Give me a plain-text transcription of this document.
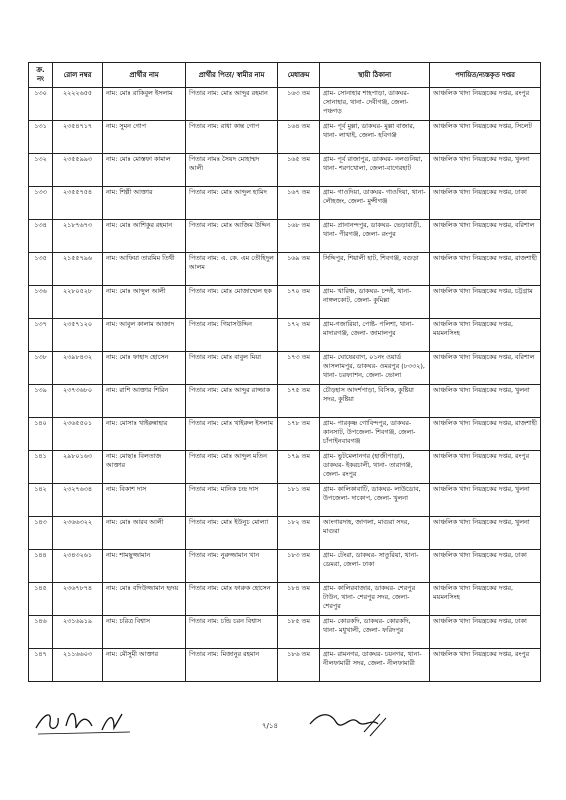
ক্র. নং	রোল নম্বর	প্রার্থীর নাম	প্রার্থীর পিতা/ স্বামীর নাম	মেধাক্রম	স্থায়ী ঠিকানা	পদায়িত/ন্যস্তকৃত দপ্তর
১৩০	২২২২৬৫৫	নাম: মোঃ রাকিবুল ইসলাম	পিতার নাম: মোঃ আব্দুর রহমান	১৬৩ তম	গ্রাম- সোনাহার শাহপাড়া, ডাকঘর- সোনাহার, থানা- দেবীগঞ্জ, জেলা- পঞ্চগড়	আঞ্চলিক খাদ্য নিয়ন্ত্রকের দপ্তর, রংপুর
১৩১	২৩৫৪৭১৭	নাম: সুমন গোপ	পিতার নাম: রাধা কান্ত গোপ	১৬৪ তম	গ্রাম- পূর্ব মুল্লা, ডাকঘর- মুল্লা বাজার, থানা- লাখাই, জেলা- হবিগঞ্জ	আঞ্চলিক খাদ্য নিয়ন্ত্রকের দপ্তর, সিলেট
১৩২	২৩৫৫৯৯৩	নাম: মোঃ মোস্তফা কামাল	পিতার নামঃ সৈয়দ মোহাম্মদ আলী	১৬৫ তম	গ্রাম- পূর্ব রাজাপুর, ডাকঘর- নলগুনিয়া, থানা- শরণখোলা, জেলা-বাগেরহাট	আঞ্চলিক খাদ্য নিয়ন্ত্রকের দপ্তর, খুলনা
১৩৩	২৩৫৫৭৫৪	নাম: শিল্পী আক্তার	পিতার নাম: মোঃ আব্দুল হামিদ	১৬৭ তম	গ্রাম- গাওদিয়া, ডাকঘর- গাওদিয়া, থানা- লৌহজং, জেলা- মুন্সীগঞ্জ	আঞ্চলিক খাদ্য নিয়ন্ত্রকের দপ্তর, ঢাকা
১৩৪	২১৮৭৬৭৩	নাম: মোঃ আশিকুর রহমান	পিতার নাম: মোঃ আজিম উদ্দিন	১৬৮ তম	গ্রাম- প্রানানন্দপুর, ডাকঘর- ভেড়াবাড়ী, থানা- পীরগঞ্জ, জেলা- রংপুর	আঞ্চলিক খাদ্য নিয়ন্ত্রকের দপ্তর, বরিশাল
১৩৫	২১৫৫৭৯৬	নাম: আফিয়া তারমিম তিথী	পিতার নাম: এ. কে. এম তৌহিদুল আলম	১৬৯ তম	সিদ্দিপুর, শিয়ালী হাট, শিবগঞ্জ, বগুড়া	আঞ্চলিক খাদ্য নিয়ন্ত্রকের দপ্তর, রাজশাহী
১৩৬	২২৮০৫২৮	নাম: মোঃ আব্দুল আলী	পিতার নাম: মোঃ মোজাম্মেল হক	১৭০ তম	গ্রাম- খারিঞ্চ, ডাকঘর- চন্দই, থানা- নাঙ্গলকোট, জেলা- কুমিল্লা	আঞ্চলিক খাদ্য নিয়ন্ত্রকের দপ্তর, চট্টগ্রাম
১৩৭	২৩৫৭১২০	নাম: আবুল কালাম আজাদ	পিতার নাম: গিয়াসউদ্দিন	১৭২ তম	গ্রাম-গজারিয়া, পোষ্ট- পলিশা, থানা- মাদারগঞ্জ, জেলা- জামালপুর	আঞ্চলিক খাদ্য নিয়ন্ত্রকের দপ্তর, ময়মনসিংহ
১৩৮	২৩৯৮৪৩২	নাম: মোঃ ফাহাদ হোসেন	পিতার নাম: মোঃ বাবুল মিয়া	১৭৩ তম	গ্রাম- ঘোষেরবাগ, ০১নং ওয়ার্ড আসলামপুর, ডাকঘর- ওমরপুর (৮৩৩২), থানা- চরফ্যাশন, জেলা- ভোলা	আঞ্চলিক খাদ্য নিয়ন্ত্রকের দপ্তর, বরিশাল
১৩৯	২৩৭৩৬৮০	নাম: রাশি আক্তার শিরিন	পিতার নাম: মোঃ আব্দুর রাজ্জাক	১৭৫ তম	চৌড়হাস আদর্শপাড়া, বিসিক, কুষ্টিয়া সদর, কুষ্টিয়া	আঞ্চলিক খাদ্য নিয়ন্ত্রকের দপ্তর, খুলনা
১৪০	২৩৬৫৫০১	নাম: মোসাঃ খাইরুন্নাহার	পিতার নাম: মোঃ খাইরুল ইসলাম	১৭৮ তম	গ্রাম- পারকৃষ্ণ গোবিন্দপুর, ডাকঘর- কানসাট, উপজেলা- শিবগঞ্জ, জেলা- চাঁপাইনবাবগঞ্জ	আঞ্চলিক খাদ্য নিয়ন্ত্রকের দপ্তর, রাজশাহী
১৪১	২৯৮০১৬৩	নাম: মোছাঃ বিলতাজ আক্তার	পিতার নাম: মোঃ আব্দুল মতিন	১৭৯ তম	গ্রাম- ভুটমেলানগর (হাজীপাড়া), ডাকঘর- ইকরচালী, থানা- তারাগঞ্জ, জেলা- রংপুর	আঞ্চলিক খাদ্য নিয়ন্ত্রকের দপ্তর, রংপুর
১৪২	২৩২৭৬৩৪	নাম: বিকাশ দাস	পিতার নাম: মানিক চন্দ্র দাস	১৮১ তম	গ্রাম- কালিকাবাটি, ডাকঘর- লাউডোব, উপজেলা- দাকোপ, জেলা- খুলনা	আঞ্চলিক খাদ্য নিয়ন্ত্রকের দপ্তর, খুলনা
১৪৩	২৩৬৬৩২২	নাম: মোঃ আরব আলী	পিতার নাম: মোঃ ইউনুচ মোল্যা	১৮২ তম	আংগারদাহ, জাগলা, মাগুরা সদর, মাগুরা	আঞ্চলিক খাদ্য নিয়ন্ত্রকের দপ্তর, খুলনা
১৪৪	২৩৪৩২৬১	নাম: শামছুজ্জামান	পিতার নাম: নুরুজ্জামান খান	১৮৩ তম	গ্রাম- টেংরা, ডাকঘর- সাতুরিয়া, থানা- ডেমরা, জেলা- ঢাকা	আঞ্চলিক খাদ্য নিয়ন্ত্রকের দপ্তর, ঢাকা
১৪৫	২৩৬৭৮৭৪	নাম: মোঃ বদিউজ্জামান হৃদয়	পিতার নাম: মোঃ ফারুক হোসেন	১৮৪ তম	গ্রাম- কালিরবাজার, ডাকঘর- শেরপুর টাউন, থানা- শেরপুর সদর, জেলা-শেরপুর	আঞ্চলিক খাদ্য নিয়ন্ত্রকের দপ্তর, ময়মনসিংহ
১৪৬	২৩১৬৯১৯	নাম: চরিত্র বিশ্বাস	পিতার নাম: চন্ডি চরন বিশ্বাস	১৮৫ তম	গ্রাম- কোরকদি, ডাকঘর- কোরকদি, থানা- মধুখালী, জেলা- ফরিদপুর	আঞ্চলিক খাদ্য নিয়ন্ত্রকের দপ্তর, ঢাকা
১৪৭	২১১৬৬০৩	নাম: মৌসুমী আক্তার	পিতার নাম: মিজানুর রহমান	১৮৬ তম	গ্রাম- রামনগর, ডাকঘর- চয়নগর, থানা- নীলফামারী সদর, জেলা- নীলফামারী	আঞ্চলিক খাদ্য নিয়ন্ত্রকের দপ্তর, রংপুর
৭/১৪
